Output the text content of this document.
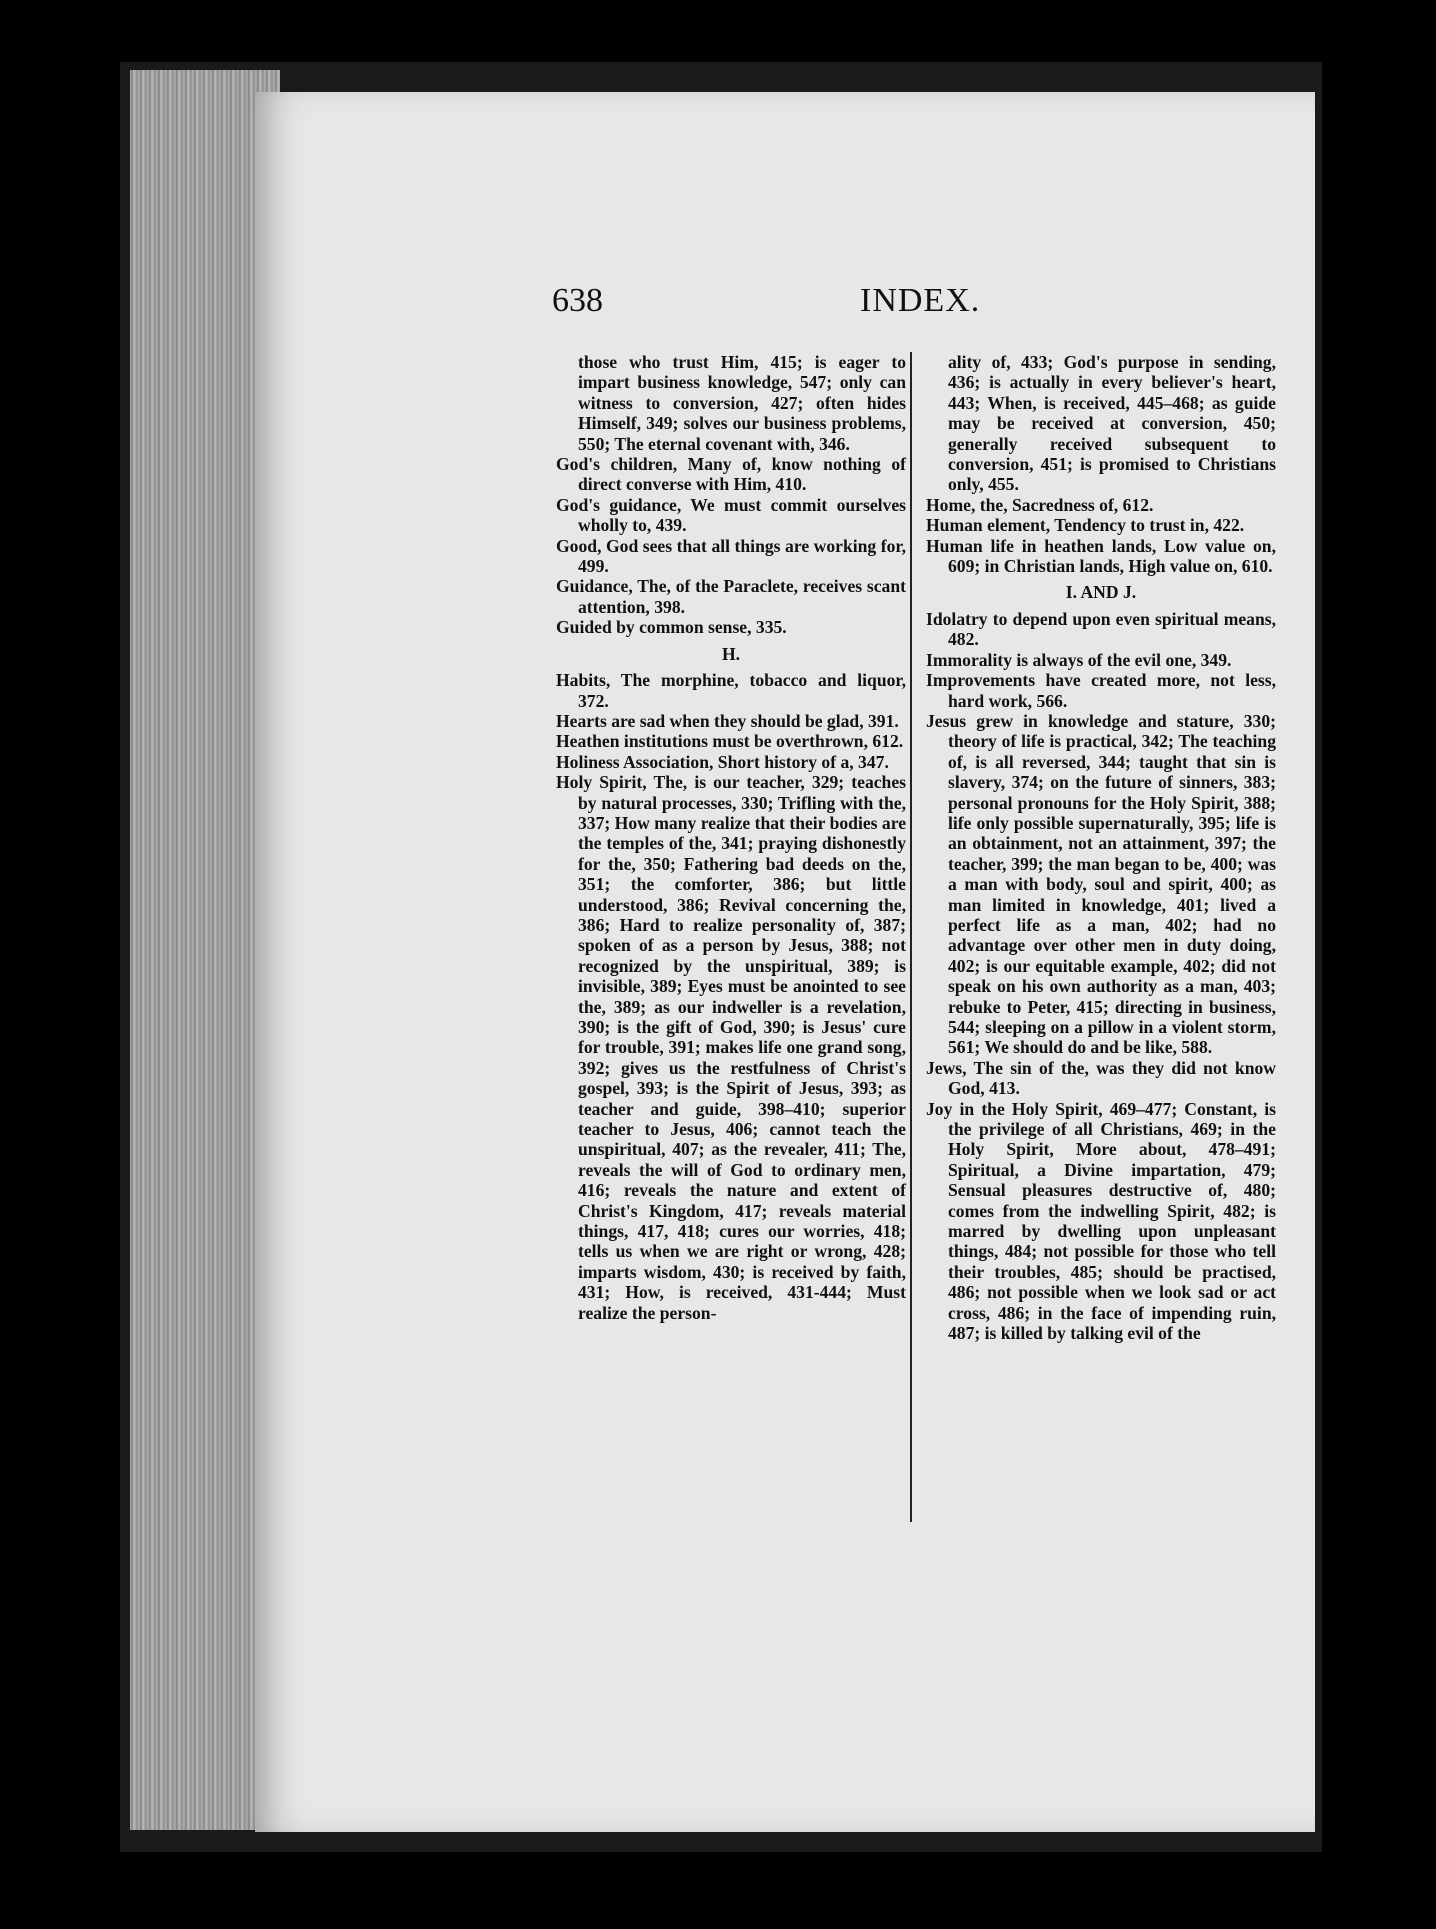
638	INDEX.

those who trust Him, 415; is eager to impart business knowledge, 547; only can witness to conversion, 427; often hides Himself, 349; solves our business problems, 550; The eternal covenant with, 346.

God's children, Many of, know nothing of direct converse with Him, 410.

God's guidance, We must commit ourselves wholly to, 439.

Good, God sees that all things are working for, 499.

Guidance, The, of the Paraclete, receives scant attention, 398.

Guided by common sense, 335.

H.

Habits, The morphine, tobacco and liquor, 372.

Hearts are sad when they should be glad, 391.

Heathen institutions must be overthrown, 612.

Holiness Association, Short history of a, 347.

Holy Spirit, The, is our teacher, 329; teaches by natural processes, 330; Trifling with the, 337; How many realize that their bodies are the temples of the, 341; praying dishonestly for the, 350; Fathering bad deeds on the, 351; the comforter, 386; but little understood, 386; Revival concerning the, 386; Hard to realize personality of, 387; spoken of as a person by Jesus, 388; not recognized by the unspiritual, 389; is invisible, 389; Eyes must be anointed to see the, 389; as our indweller is a revelation, 390; is the gift of God, 390; is Jesus' cure for trouble, 391; makes life one grand song, 392; gives us the restfulness of Christ's gospel, 393; is the Spirit of Jesus, 393; as teacher and guide, 398–410; superior teacher to Jesus, 406; cannot teach the unspiritual, 407; as the revealer, 411; The, reveals the will of God to ordinary men, 416; reveals the nature and extent of Christ's Kingdom, 417; reveals material things, 417, 418; cures our worries, 418; tells us when we are right or wrong, 428; imparts wisdom, 430; is received by faith, 431; How, is received, 431-444; Must realize the person-

ality of, 433; God's purpose in sending, 436; is actually in every believer's heart, 443; When, is received, 445–468; as guide may be received at conversion, 450; generally received subsequent to conversion, 451; is promised to Christians only, 455.

Home, the, Sacredness of, 612.

Human element, Tendency to trust in, 422.

Human life in heathen lands, Low value on, 609; in Christian lands, High value on, 610.

I. AND J.

Idolatry to depend upon even spiritual means, 482.

Immorality is always of the evil one, 349.

Improvements have created more, not less, hard work, 566.

Jesus grew in knowledge and stature, 330; theory of life is practical, 342; The teaching of, is all reversed, 344; taught that sin is slavery, 374; on the future of sinners, 383; personal pronouns for the Holy Spirit, 388; life only possible supernaturally, 395; life is an obtainment, not an attainment, 397; the teacher, 399; the man began to be, 400; was a man with body, soul and spirit, 400; as man limited in knowledge, 401; lived a perfect life as a man, 402; had no advantage over other men in duty doing, 402; is our equitable example, 402; did not speak on his own authority as a man, 403; rebuke to Peter, 415; directing in business, 544; sleeping on a pillow in a violent storm, 561; We should do and be like, 588.

Jews, The sin of the, was they did not know God, 413.

Joy in the Holy Spirit, 469–477; Constant, is the privilege of all Christians, 469; in the Holy Spirit, More about, 478–491; Spiritual, a Divine impartation, 479; Sensual pleasures destructive of, 480; comes from the indwelling Spirit, 482; is marred by dwelling upon unpleasant things, 484; not possible for those who tell their troubles, 485; should be practised, 486; not possible when we look sad or act cross, 486; in the face of impending ruin, 487; is killed by talking evil of the
